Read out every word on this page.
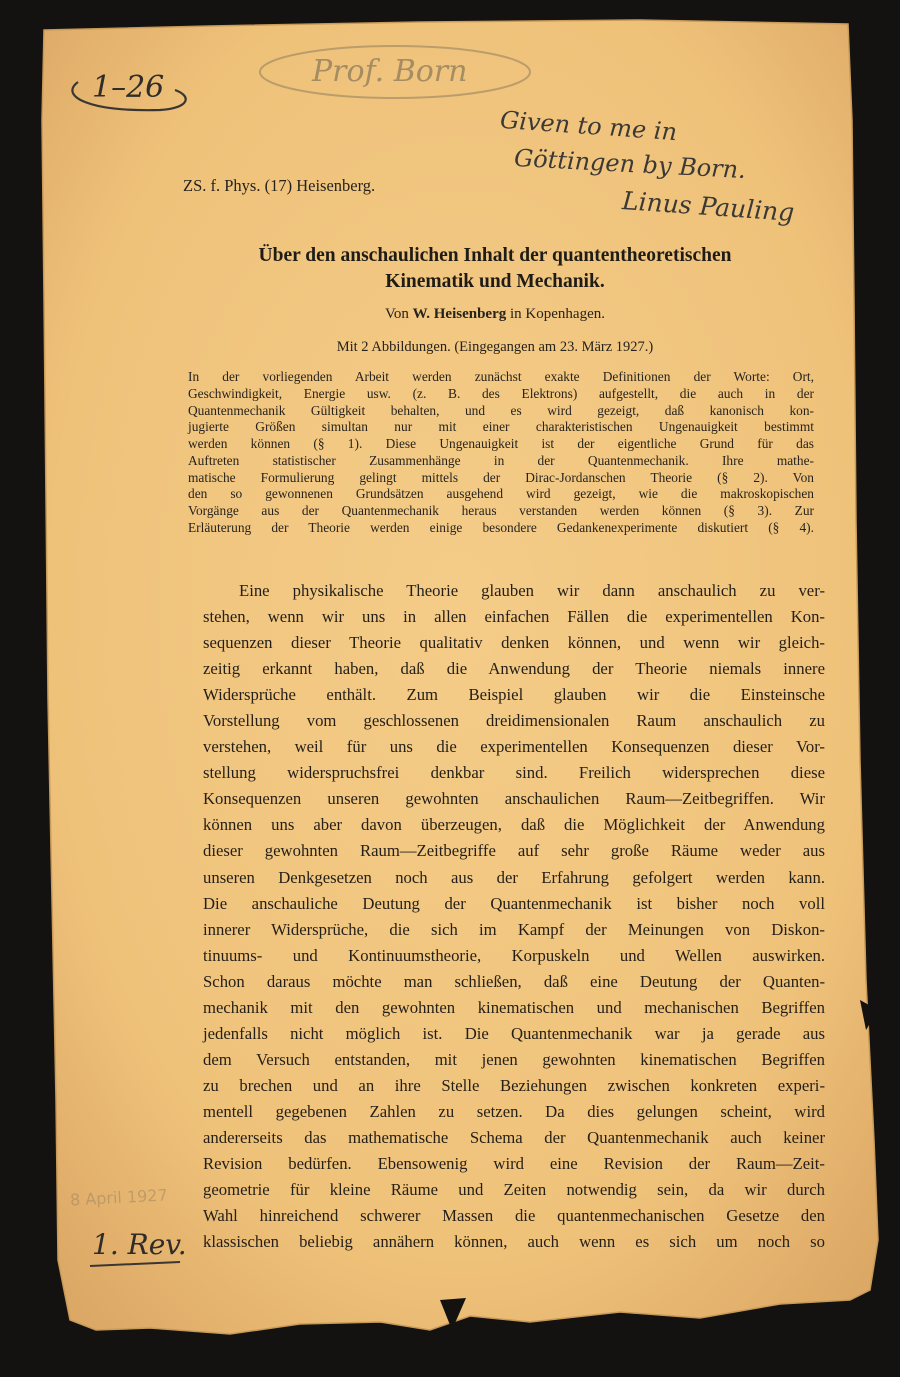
1–26	Prof. Born
Given to me in
Göttingen by Born.
Linus Pauling
1. Rev.
8 April 1927
ZS. f. Phys. (17) Heisenberg.
Über den anschaulichen Inhalt der quantentheoretischen
Kinematik und Mechanik.
Von W. Heisenberg in Kopenhagen.
Mit 2 Abbildungen. (Eingegangen am 23. März 1927.)
In der vorliegenden Arbeit werden zunächst exakte Definitionen der Worte: Ort,
Geschwindigkeit, Energie usw. (z. B. des Elektrons) aufgestellt, die auch in der
Quantenmechanik Gültigkeit behalten, und es wird gezeigt, daß kanonisch kon-
jugierte Größen simultan nur mit einer charakteristischen Ungenauigkeit bestimmt
werden können (§ 1). Diese Ungenauigkeit ist der eigentliche Grund für das
Auftreten statistischer Zusammenhänge in der Quantenmechanik. Ihre mathe-
matische Formulierung gelingt mittels der Dirac-Jordanschen Theorie (§ 2). Von
den so gewonnenen Grundsätzen ausgehend wird gezeigt, wie die makroskopischen
Vorgänge aus der Quantenmechanik heraus verstanden werden können (§ 3). Zur
Erläuterung der Theorie werden einige besondere Gedankenexperimente diskutiert (§ 4).
Eine physikalische Theorie glauben wir dann anschaulich zu ver-
stehen, wenn wir uns in allen einfachen Fällen die experimentellen Kon-
sequenzen dieser Theorie qualitativ denken können, und wenn wir gleich-
zeitig erkannt haben, daß die Anwendung der Theorie niemals innere
Widersprüche enthält. Zum Beispiel glauben wir die Einsteinsche
Vorstellung vom geschlossenen dreidimensionalen Raum anschaulich zu
verstehen, weil für uns die experimentellen Konsequenzen dieser Vor-
stellung widerspruchsfrei denkbar sind. Freilich widersprechen diese
Konsequenzen unseren gewohnten anschaulichen Raum—Zeitbegriffen. Wir
können uns aber davon überzeugen, daß die Möglichkeit der Anwendung
dieser gewohnten Raum—Zeitbegriffe auf sehr große Räume weder aus
unseren Denkgesetzen noch aus der Erfahrung gefolgert werden kann.
Die anschauliche Deutung der Quantenmechanik ist bisher noch voll
innerer Widersprüche, die sich im Kampf der Meinungen von Diskon-
tinuums- und Kontinuumstheorie, Korpuskeln und Wellen auswirken.
Schon daraus möchte man schließen, daß eine Deutung der Quanten-
mechanik mit den gewohnten kinematischen und mechanischen Begriffen
jedenfalls nicht möglich ist. Die Quantenmechanik war ja gerade aus
dem Versuch entstanden, mit jenen gewohnten kinematischen Begriffen
zu brechen und an ihre Stelle Beziehungen zwischen konkreten experi-
mentell gegebenen Zahlen zu setzen. Da dies gelungen scheint, wird
andererseits das mathematische Schema der Quantenmechanik auch keiner
Revision bedürfen. Ebensowenig wird eine Revision der Raum—Zeit-
geometrie für kleine Räume und Zeiten notwendig sein, da wir durch
Wahl hinreichend schwerer Massen die quantenmechanischen Gesetze den
klassischen beliebig annähern können, auch wenn es sich um noch so
